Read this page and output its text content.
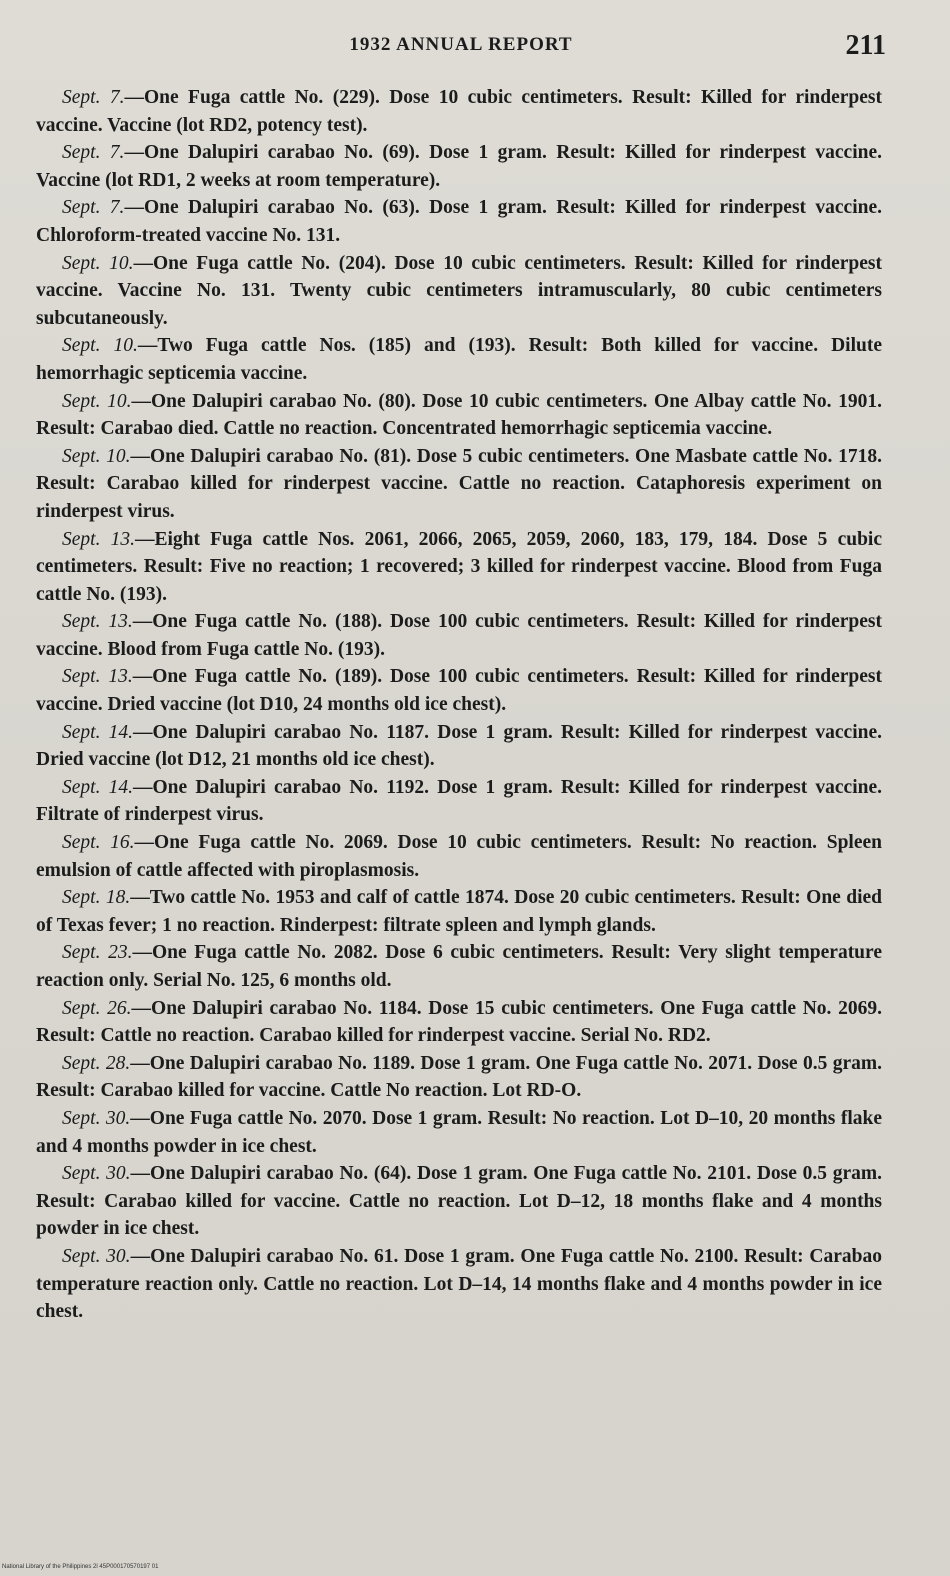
1932 ANNUAL REPORT	211

Sept. 7.—One Fuga cattle No. (229). Dose 10 cubic centimeters. Result: Killed for rinderpest vaccine. Vaccine (lot RD2, potency test).

Sept. 7.—One Dalupiri carabao No. (69). Dose 1 gram. Result: Killed for rinderpest vaccine. Vaccine (lot RD1, 2 weeks at room temperature).

Sept. 7.—One Dalupiri carabao No. (63). Dose 1 gram. Result: Killed for rinderpest vaccine. Chloroform-treated vaccine No. 131.

Sept. 10.—One Fuga cattle No. (204). Dose 10 cubic centimeters. Result: Killed for rinderpest vaccine. Vaccine No. 131. Twenty cubic centimeters intramuscularly, 80 cubic centimeters subcutaneously.

Sept. 10.—Two Fuga cattle Nos. (185) and (193). Result: Both killed for vaccine. Dilute hemorrhagic septicemia vaccine.

Sept. 10.—One Dalupiri carabao No. (80). Dose 10 cubic centimeters. One Albay cattle No. 1901. Result: Carabao died. Cattle no reaction. Concentrated hemorrhagic septicemia vaccine.

Sept. 10.—One Dalupiri carabao No. (81). Dose 5 cubic centimeters. One Masbate cattle No. 1718. Result: Carabao killed for rinderpest vaccine. Cattle no reaction. Cataphoresis experiment on rinderpest virus.

Sept. 13.—Eight Fuga cattle Nos. 2061, 2066, 2065, 2059, 2060, 183, 179, 184. Dose 5 cubic centimeters. Result: Five no reaction; 1 recovered; 3 killed for rinderpest vaccine. Blood from Fuga cattle No. (193).

Sept. 13.—One Fuga cattle No. (188). Dose 100 cubic centimeters. Result: Killed for rinderpest vaccine. Blood from Fuga cattle No. (193).

Sept. 13.—One Fuga cattle No. (189). Dose 100 cubic centimeters. Result: Killed for rinderpest vaccine. Dried vaccine (lot D10, 24 months old ice chest).

Sept. 14.—One Dalupiri carabao No. 1187. Dose 1 gram. Result: Killed for rinderpest vaccine. Dried vaccine (lot D12, 21 months old ice chest).

Sept. 14.—One Dalupiri carabao No. 1192. Dose 1 gram. Result: Killed for rinderpest vaccine. Filtrate of rinderpest virus.

Sept. 16.—One Fuga cattle No. 2069. Dose 10 cubic centimeters. Result: No reaction. Spleen emulsion of cattle affected with piroplasmosis.

Sept. 18.—Two cattle No. 1953 and calf of cattle 1874. Dose 20 cubic centimeters. Result: One died of Texas fever; 1 no reaction. Rinderpest: filtrate spleen and lymph glands.

Sept. 23.—One Fuga cattle No. 2082. Dose 6 cubic centimeters. Result: Very slight temperature reaction only. Serial No. 125, 6 months old.

Sept. 26.—One Dalupiri carabao No. 1184. Dose 15 cubic centimeters. One Fuga cattle No. 2069. Result: Cattle no reaction. Carabao killed for rinderpest vaccine. Serial No. RD2.

Sept. 28.—One Dalupiri carabao No. 1189. Dose 1 gram. One Fuga cattle No. 2071. Dose 0.5 gram. Result: Carabao killed for vaccine. Cattle No reaction. Lot RD-O.

Sept. 30.—One Fuga cattle No. 2070. Dose 1 gram. Result: No reaction. Lot D–10, 20 months flake and 4 months powder in ice chest.

Sept. 30.—One Dalupiri carabao No. (64). Dose 1 gram. One Fuga cattle No. 2101. Dose 0.5 gram. Result: Carabao killed for vaccine. Cattle no reaction. Lot D–12, 18 months flake and 4 months powder in ice chest.

Sept. 30.—One Dalupiri carabao No. 61. Dose 1 gram. One Fuga cattle No. 2100. Result: Carabao temperature reaction only. Cattle no reaction. Lot D–14, 14 months flake and 4 months powder in ice chest.

National Library of the Philippines 2l 45P000170570197 01
